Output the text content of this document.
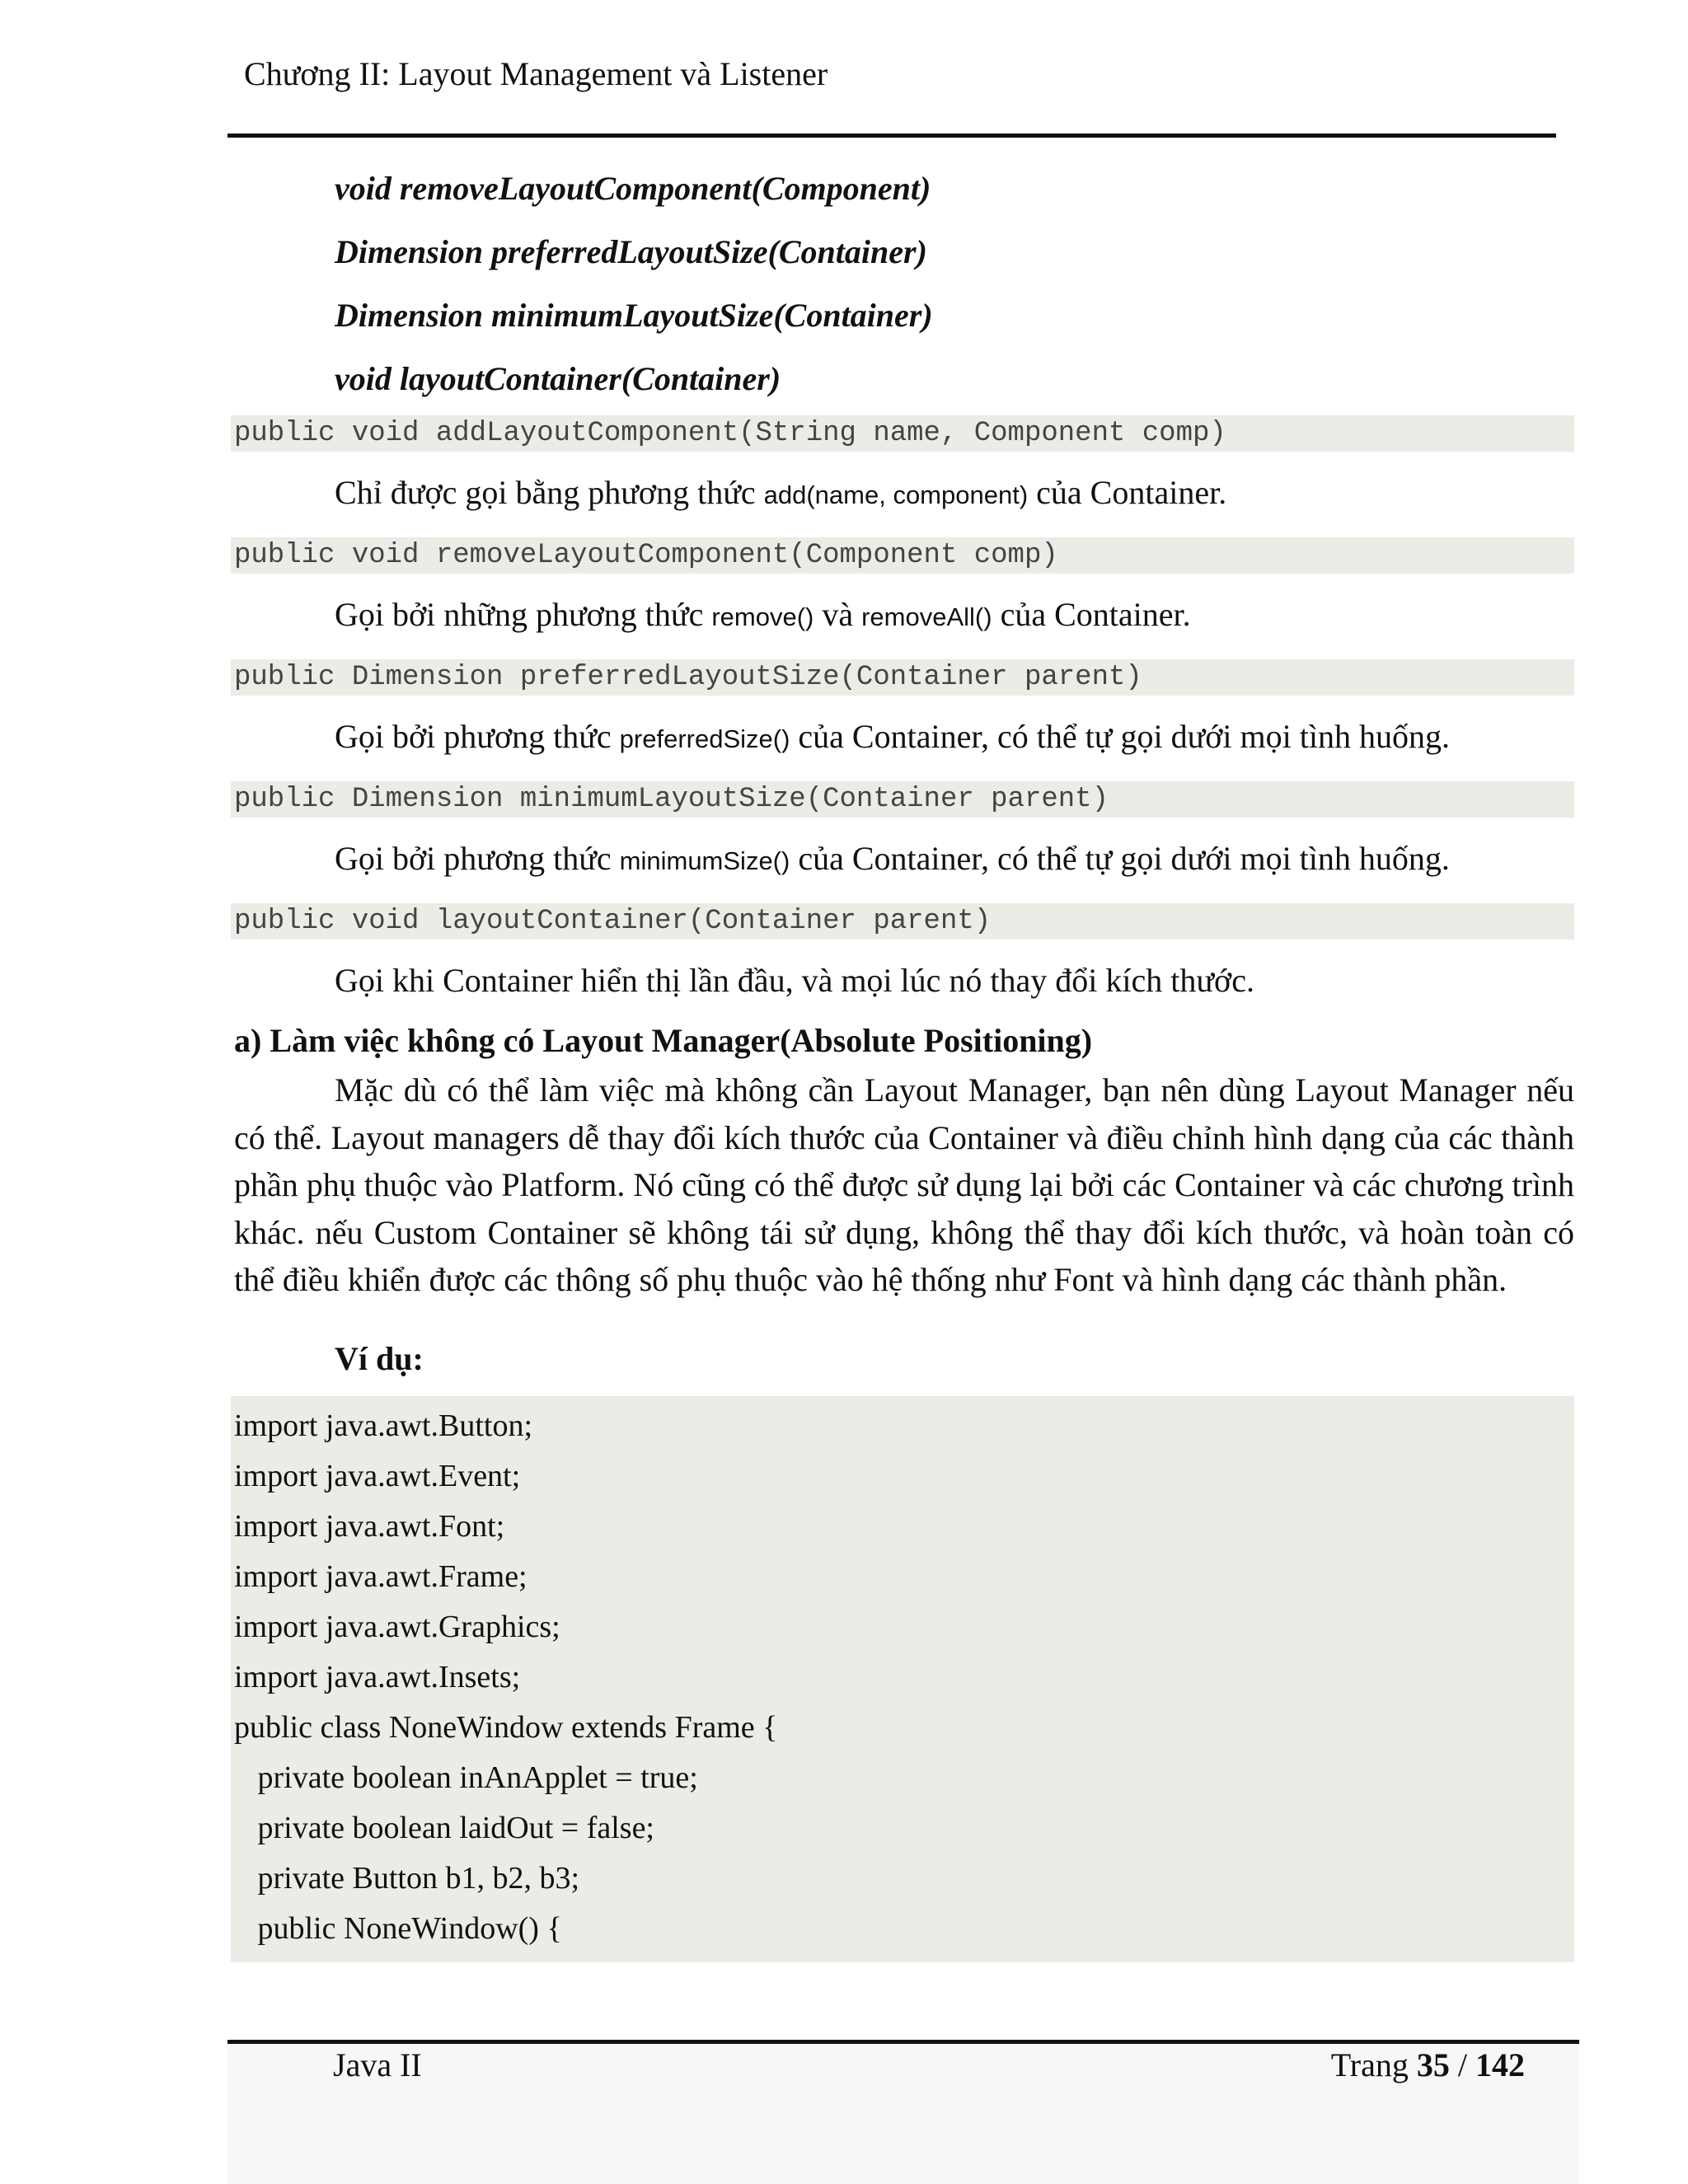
Chương II: Layout Management và Listener
void removeLayoutComponent(Component)
Dimension preferredLayoutSize(Container)
Dimension minimumLayoutSize(Container)
void layoutContainer(Container)
public void addLayoutComponent(String name, Component comp)
Chỉ được gọi bằng phương thức add(name, component) của Container.
public void removeLayoutComponent(Component comp)
Gọi bởi những phương thức remove() và removeAll() của Container.
public Dimension preferredLayoutSize(Container parent)
Gọi bởi phương thức preferredSize() của Container, có thể tự gọi dưới mọi tình huống.
public Dimension minimumLayoutSize(Container parent)
Gọi bởi phương thức minimumSize() của Container, có thể tự gọi dưới mọi tình huống.
public void layoutContainer(Container parent)
Gọi khi Container hiển thị lần đầu, và mọi lúc nó thay đổi kích thước.
a) Làm việc không có Layout Manager(Absolute Positioning)
Mặc dù có thể làm việc mà không cần Layout Manager, bạn nên dùng Layout Manager nếu có thể. Layout managers dễ thay đổi kích thước của Container và điều chỉnh hình dạng của các thành phần phụ thuộc vào Platform. Nó cũng có thể được sử dụng lại bởi các Container và các chương trình khác. nếu Custom Container sẽ không tái sử dụng, không thể thay đổi kích thước, và hoàn toàn có thể điều khiển được các thông số phụ thuộc vào hệ thống như Font và hình dạng các thành phần.
Ví dụ:
import java.awt.Button;
import java.awt.Event;
import java.awt.Font;
import java.awt.Frame;
import java.awt.Graphics;
import java.awt.Insets;
public class NoneWindow extends Frame {
private boolean inAnApplet = true;
private boolean laidOut = false;
private Button b1, b2, b3;
public NoneWindow() {
Java II	Trang 35 / 142
